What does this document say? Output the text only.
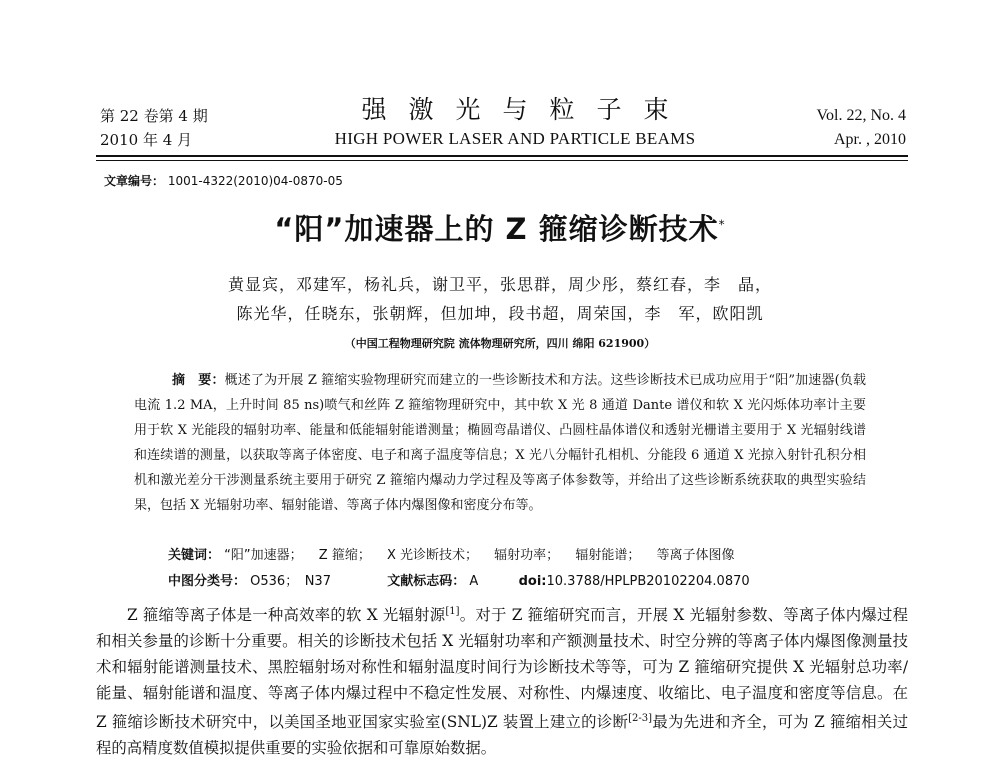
第 22 卷第 4 期
2010 年 4 月
强激光与粒子束
HIGH POWER LASER AND PARTICLE BEAMS
Vol. 22, No. 4
Apr. , 2010
文章编号： 1001-4322(2010)04-0870-05
“阳”加速器上的 Z 箍缩诊断技术*
黄显宾，邓建军，杨礼兵，谢卫平，张思群，周少彤，蔡红春，李　晶，
陈光华，任晓东，张朝辉，但加坤，段书超，周荣国，李　军，欧阳凯
（中国工程物理研究院 流体物理研究所，四川 绵阳 621900）
摘　要：概述了为开展 Z 箍缩实验物理研究而建立的一些诊断技术和方法。这些诊断技术已成功应用于“阳”加速器(负载电流 1.2 MA，上升时间 85 ns)喷气和丝阵 Z 箍缩物理研究中，其中软 X 光 8 通道 Dante 谱仪和软 X 光闪烁体功率计主要用于软 X 光能段的辐射功率、能量和低能辐射能谱测量；椭圆弯晶谱仪、凸圆柱晶体谱仪和透射光栅谱主要用于 X 光辐射线谱和连续谱的测量，以获取等离子体密度、电子和离子温度等信息；X 光八分幅针孔相机、分能段 6 通道 X 光掠入射针孔积分相机和激光差分干涉测量系统主要用于研究 Z 箍缩内爆动力学过程及等离子体参数等，并给出了这些诊断系统获取的典型实验结果，包括 X 光辐射功率、辐射能谱、等离子体内爆图像和密度分布等。
关键词： “阳”加速器； Z 箍缩； X 光诊断技术； 辐射功率； 辐射能谱； 等离子体图像
中图分类号： O536；　N37	文献标志码： A	doi:10.3788/HPLPB20102204.0870
Z 箍缩等离子体是一种高效率的软 X 光辐射源[1]。对于 Z 箍缩研究而言，开展 X 光辐射参数、等离子体内爆过程和相关参量的诊断十分重要。相关的诊断技术包括 X 光辐射功率和产额测量技术、时空分辨的等离子体内爆图像测量技术和辐射能谱测量技术、黑腔辐射场对称性和辐射温度时间行为诊断技术等等，可为 Z 箍缩研究提供 X 光辐射总功率/能量、辐射能谱和温度、等离子体内爆过程中不稳定性发展、对称性、内爆速度、收缩比、电子温度和密度等信息。在 Z 箍缩诊断技术研究中，以美国圣地亚国家实验室(SNL)Z 装置上建立的诊断[2-3]最为先进和齐全，可为 Z 箍缩相关过程的高精度数值模拟提供重要的实验依据和可靠原始数据。
